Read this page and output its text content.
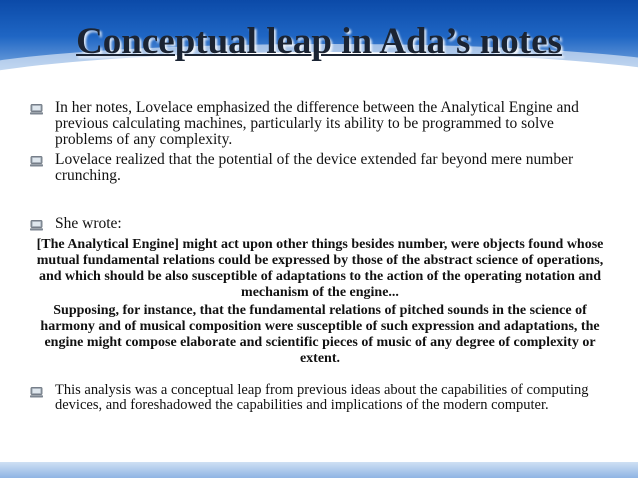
Conceptual leap in Ada’s notes
In her notes, Lovelace emphasized the difference between the Analytical Engine and previous calculating machines, particularly its ability to be programmed to solve problems of any complexity.
Lovelace realized that the potential of the device extended far beyond mere number crunching.
She wrote:
[The Analytical Engine] might act upon other things besides number, were objects found whose mutual fundamental relations could be expressed by those of the abstract science of operations, and which should be also susceptible of adaptations to the action of the operating notation and mechanism of the engine...
Supposing, for instance, that the fundamental relations of pitched sounds in the science of harmony and of musical composition were susceptible of such expression and adaptations, the engine might compose elaborate and scientific pieces of music of any degree of complexity or extent.
This analysis was a conceptual leap from previous ideas about the capabilities of computing devices, and foreshadowed the capabilities and implications of the modern computer.
